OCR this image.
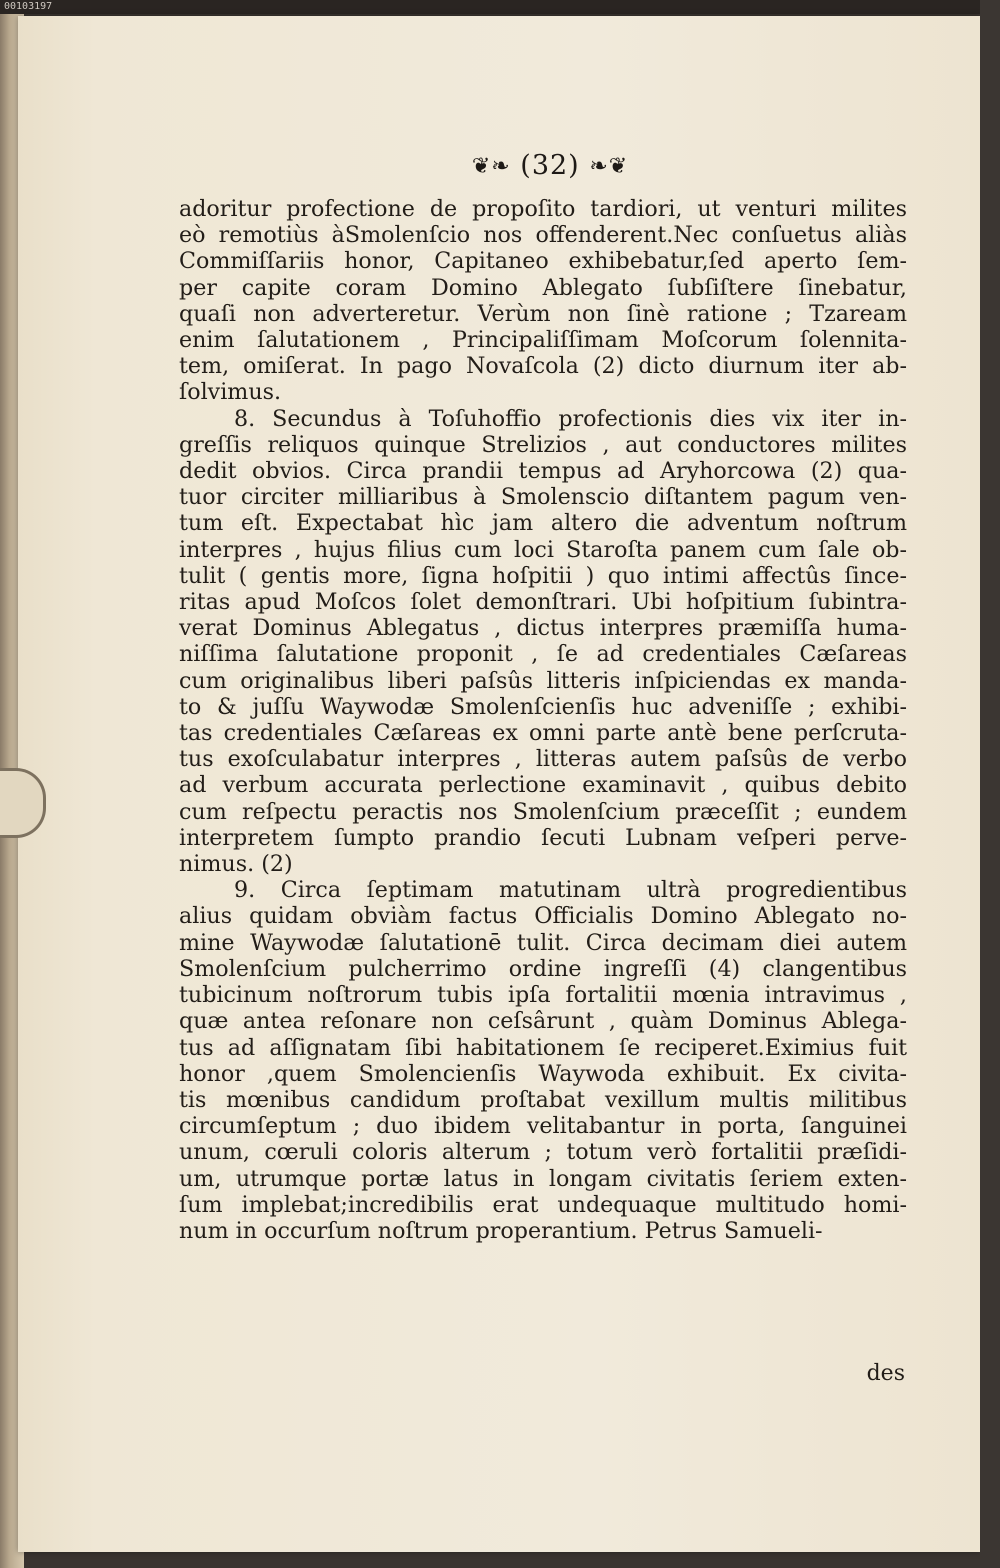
00103197
❦❧ (32) ❧❦
adoritur profectione de propoſito tardiori, ut venturi milites
eò remotiùs àSmolenſcio nos offenderent.Nec conſuetus aliàs
Commiſſariis honor, Capitaneo exhibebatur,ſed aperto ſem-
per capite coram Domino Ablegato ſubſiſtere ſinebatur,
quaſi non adverteretur. Verùm non ſinè ratione ; Tzaream
enim ſalutationem , Principaliſſimam Moſcorum ſolennita-
tem, omiſerat. In pago Novaſcola (2) dicto diurnum iter ab-
ſolvimus.
8. Secundus à Toſuhoffio profectionis dies vix iter in-
greſſis reliquos quinque Strelizios , aut conductores milites
dedit obvios. Circa prandii tempus ad Aryhorcowa (2) qua-
tuor circiter milliaribus à Smolenscio diſtantem pagum ven-
tum eſt. Expectabat hìc jam altero die adventum noſtrum
interpres , hujus filius cum loci Staroſta panem cum ſale ob-
tulit ( gentis more, ſigna hoſpitii ) quo intimi affectûs ſince-
ritas apud Moſcos ſolet demonſtrari. Ubi hoſpitium ſubintra-
verat Dominus Ablegatus , dictus interpres præmiſſa huma-
niſſima ſalutatione proponit , ſe ad credentiales Cæſareas
cum originalibus liberi paſsûs litteris inſpiciendas ex manda-
to & juſſu Waywodæ Smolenſcienſis huc adveniſſe ; exhibi-
tas credentiales Cæſareas ex omni parte antè bene perſcruta-
tus exoſculabatur interpres , litteras autem paſsûs de verbo
ad verbum accurata perlectione examinavit , quibus debito
cum reſpectu peractis nos Smolenſcium præceſſit ; eundem
interpretem ſumpto prandio ſecuti Lubnam veſperi perve-
nimus. (2)
9. Circa ſeptimam matutinam ultrà progredientibus
alius quidam obviàm factus Officialis Domino Ablegato no-
mine Waywodæ ſalutationē tulit. Circa decimam diei autem
Smolenſcium pulcherrimo ordine ingreſſi (4) clangentibus
tubicinum noſtrorum tubis ipſa fortalitii mœnia intravimus ,
quæ antea reſonare non ceſsârunt , quàm Dominus Ablega-
tus ad aſſignatam ſibi habitationem ſe reciperet.Eximius fuit
honor ,quem Smolencienſis Waywoda exhibuit. Ex civita-
tis mœnibus candidum proſtabat vexillum multis militibus
circumſeptum ; duo ibidem velitabantur in porta, ſanguinei
unum, cœruli coloris alterum ; totum verò fortalitii præſidi-
um, utrumque portæ latus in longam civitatis ſeriem exten-
ſum implebat;incredibilis erat undequaque multitudo homi-
num in occurſum noſtrum properantium. Petrus Samueli-
des
